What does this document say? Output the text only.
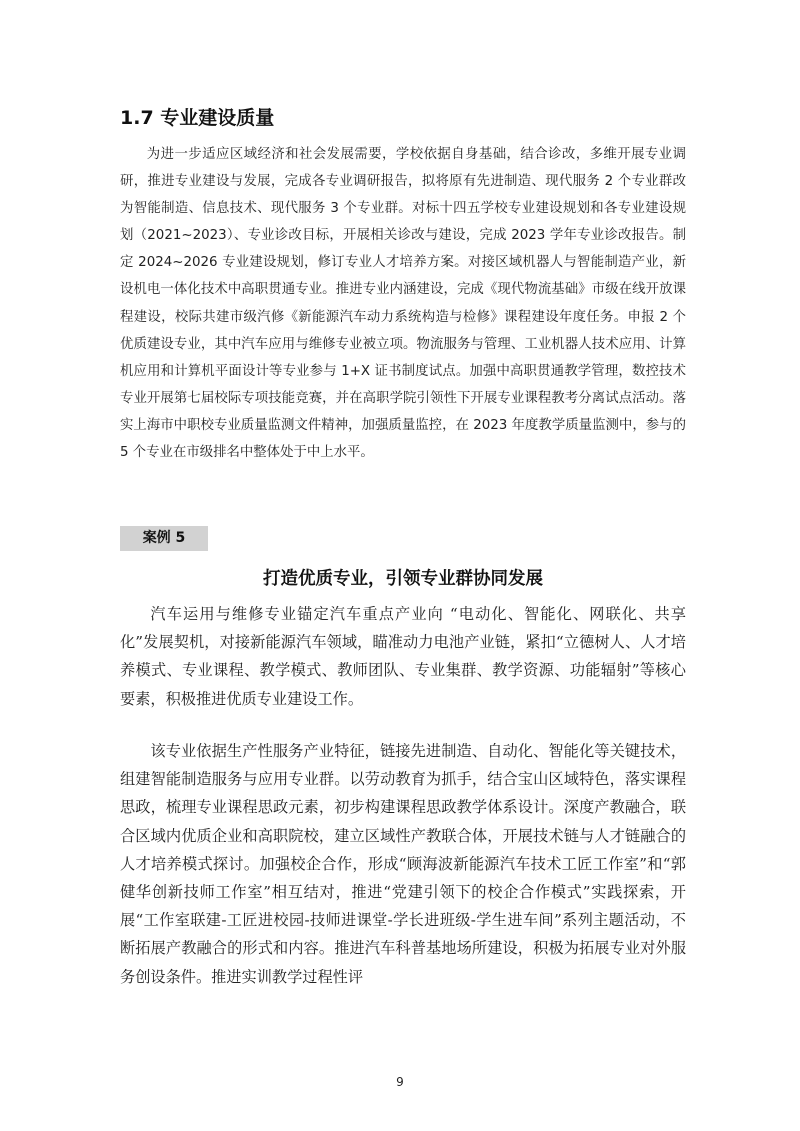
1.7 专业建设质量

为进一步适应区域经济和社会发展需要，学校依据自身基础，结合诊改，多维开展专业调研，推进专业建设与发展，完成各专业调研报告，拟将原有先进制造、现代服务 2 个专业群改为智能制造、信息技术、现代服务 3 个专业群。对标十四五学校专业建设规划和各专业建设规划（2021~2023）、专业诊改目标，开展相关诊改与建设，完成 2023 学年专业诊改报告。制定 2024~2026 专业建设规划，修订专业人才培养方案。对接区域机器人与智能制造产业，新设机电一体化技术中高职贯通专业。推进专业内涵建设，完成《现代物流基础》市级在线开放课程建设，校际共建市级汽修《新能源汽车动力系统构造与检修》课程建设年度任务。申报 2 个优质建设专业，其中汽车应用与维修专业被立项。物流服务与管理、工业机器人技术应用、计算机应用和计算机平面设计等专业参与 1+X 证书制度试点。加强中高职贯通教学管理，数控技术专业开展第七届校际专项技能竞赛，并在高职学院引领性下开展专业课程教考分离试点活动。落实上海市中职校专业质量监测文件精神，加强质量监控，在 2023 年度教学质量监测中，参与的 5 个专业在市级排名中整体处于中上水平。

案例 5
打造优质专业，引领专业群协同发展

汽车运用与维修专业锚定汽车重点产业向 “电动化、智能化、网联化、共享化”发展契机，对接新能源汽车领域，瞄准动力电池产业链，紧扣“立德树人、人才培养模式、专业课程、教学模式、教师团队、专业集群、教学资源、功能辐射”等核心要素，积极推进优质专业建设工作。

该专业依据生产性服务产业特征，链接先进制造、自动化、智能化等关键技术，组建智能制造服务与应用专业群。以劳动教育为抓手，结合宝山区域特色，落实课程思政，梳理专业课程思政元素，初步构建课程思政教学体系设计。深度产教融合，联合区域内优质企业和高职院校，建立区域性产教联合体，开展技术链与人才链融合的人才培养模式探讨。加强校企合作，形成“顾海波新能源汽车技术工匠工作室”和“郭健华创新技师工作室”相互结对，推进“党建引领下的校企合作模式”实践探索，开展“工作室联建-工匠进校园-技师进课堂-学长进班级-学生进车间”系列主题活动，不断拓展产教融合的形式和内容。推进汽车科普基地场所建设，积极为拓展专业对外服务创设条件。推进实训教学过程性评

9
